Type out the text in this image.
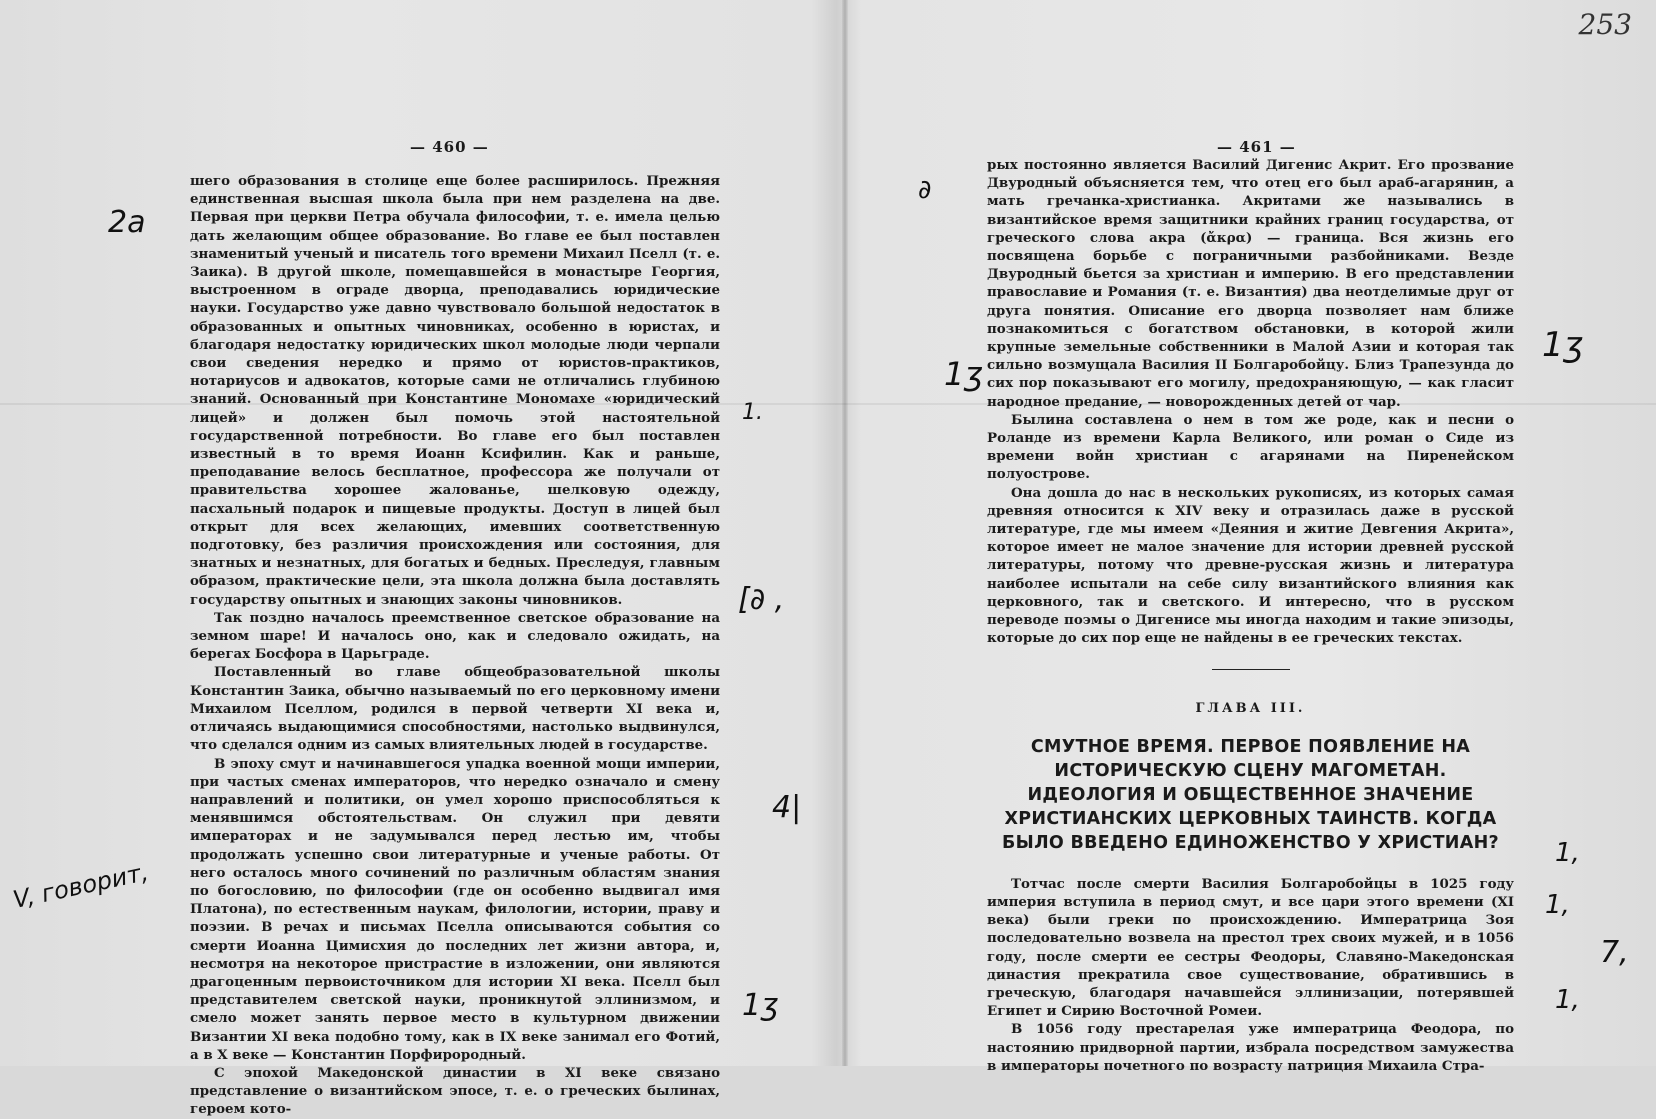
253
— 460 —

шего образования в столице еще более расширилось. Прежняя единственная высшая школа была при нем разделена на две. Первая при церкви Петра обучала философии, т. е. имела целью дать желающим общее образование. Во главе ее был поставлен знаменитый ученый и писатель того времени Михаил Пселл (т. е. Заика). В другой школе, помещавшейся в монастыре Георгия, выстроенном в ограде дворца, преподавались юридические науки. Государство уже давно чувствовало большой недостаток в образованных и опытных чиновниках, особенно в юристах, и благодаря недостатку юридических школ молодые люди черпали свои сведения нередко и прямо от юристов-практиков, нотариусов и адвокатов, которые сами не отличались глубиною знаний. Основанный при Константине Мономахе «юридический лицей» и должен был помочь этой настоятельной государственной потребности. Во главе его был поставлен известный в то время Иоанн Ксифилин. Как и раньше, преподавание велось бесплатное, профессора же получали от правительства хорошее жалованье, шелковую одежду, пасхальный подарок и пищевые продукты. Доступ в лицей был открыт для всех желающих, имевших соответственную подготовку, без различия происхождения или состояния, для знатных и незнатных, для богатых и бедных. Преследуя, главным образом, практические цели, эта школа должна была доставлять государству опытных и знающих законы чиновников.

Так поздно началось преемственное светское образование на земном шаре! И началось оно, как и следовало ожидать, на берегах Босфора в Царьграде.

Поставленный во главе общеобразовательной школы Константин Заика, обычно называемый по его церковному имени Михаилом Пселлом, родился в первой четверти XI века и, отличаясь выдающимися способностями, настолько выдвинулся, что сделался одним из самых влиятельных людей в государстве.

В эпоху смут и начинавшегося упадка военной мощи империи, при частых сменах императоров, что нередко означало и смену направлений и политики, он умел хорошо приспособляться к менявшимся обстоятельствам. Он служил при девяти императорах и не задумывался перед лестью им, чтобы продолжать успешно свои литературные и ученые работы. От него осталось много сочинений по различным областям знания по богословию, по философии (где он особенно выдвигал имя Платона), по естественным наукам, филологии, истории, праву и поэзии. В речах и письмах Пселла описываются события со смерти Иоанна Цимисхия до последних лет жизни автора, и, несмотря на некоторое пристрастие в изложении, они являются драгоценным первоисточником для истории XI века. Пселл был представителем светской науки, проникнутой эллинизмом, и смело может занять первое место в культурном движении Византии XI века подобно тому, как в IX веке занимал его Фотий, а в X веке — Константин Порфирородный.

С эпохой Македонской династии в XI веке связано представление о византийском эпосе, т. е. о греческих былинах, героем кото-

— 461 —

рых постоянно является Василий Дигенис Акрит. Его прозвание Двуродный объясняется тем, что отец его был араб-агарянин, а мать гречанка-христианка. Акритами же назывались в византийское время защитники крайних границ государства, от греческого слова акра (ἄκρα) — граница. Вся жизнь его посвящена борьбе с пограничными разбойниками. Везде Двуродный бьется за христиан и империю. В его представлении православие и Романия (т. е. Византия) два неотделимые друг от друга понятия. Описание его дворца позволяет нам ближе познакомиться с богатством обстановки, в которой жили крупные земельные собственники в Малой Азии и которая так сильно возмущала Василия II Болгаробойцу. Близ Трапезунда до сих пор показывают его могилу, предохраняющую, — как гласит народное предание, — новорожденных детей от чар.

Былина составлена о нем в том же роде, как и песни о Роланде из времени Карла Великого, или роман о Сиде из времени войн христиан с агарянами на Пиренейском полуострове.

Она дошла до нас в нескольких рукописях, из которых самая древняя относится к XIV веку и отразилась даже в русской литературе, где мы имеем «Деяния и житие Девгения Акрита», которое имеет не малое значение для истории древней русской литературы, потому что древне-русская жизнь и литература наиболее испытали на себе силу византийского влияния как церковного, так и светского. И интересно, что в русском переводе поэмы о Дигенисе мы иногда находим и такие эпизоды, которые до сих пор еще не найдены в ее греческих текстах.

ГЛАВА III.
СМУТНОЕ ВРЕМЯ. ПЕРВОЕ ПОЯВЛЕНИЕ НА ИСТОРИЧЕСКУЮ СЦЕНУ МАГОМЕТАН. ИДЕОЛОГИЯ И ОБЩЕСТВЕННОЕ ЗНАЧЕНИЕ ХРИСТИАНСКИХ ЦЕРКОВНЫХ ТАИНСТВ. КОГДА БЫЛО ВВЕДЕНО ЕДИНОЖЕНСТВО У ХРИСТИАН?

Тотчас после смерти Василия Болгаробойцы в 1025 году империя вступила в период смут, и все цари этого времени (XI века) были греки по происхождению. Императрица Зоя последовательно возвела на престол трех своих мужей, и в 1056 году, после смерти ее сестры Феодоры, Славяно-Македонская династия прекратила свое существование, обратившись в греческую, благодаря начавшейся эллинизации, потерявшей Египет и Сирию Восточной Ромеи.

В 1056 году престарелая уже императрица Феодора, по настоянию придворной партии, избрала посредством замужества в императоры почетного по возрасту патриция Михаила Стра-

2а
1.
[∂ ,
4|
V, говорит,
1ʒ
∂
1ʒ
1ʒ
1,
1,
7,
1,
